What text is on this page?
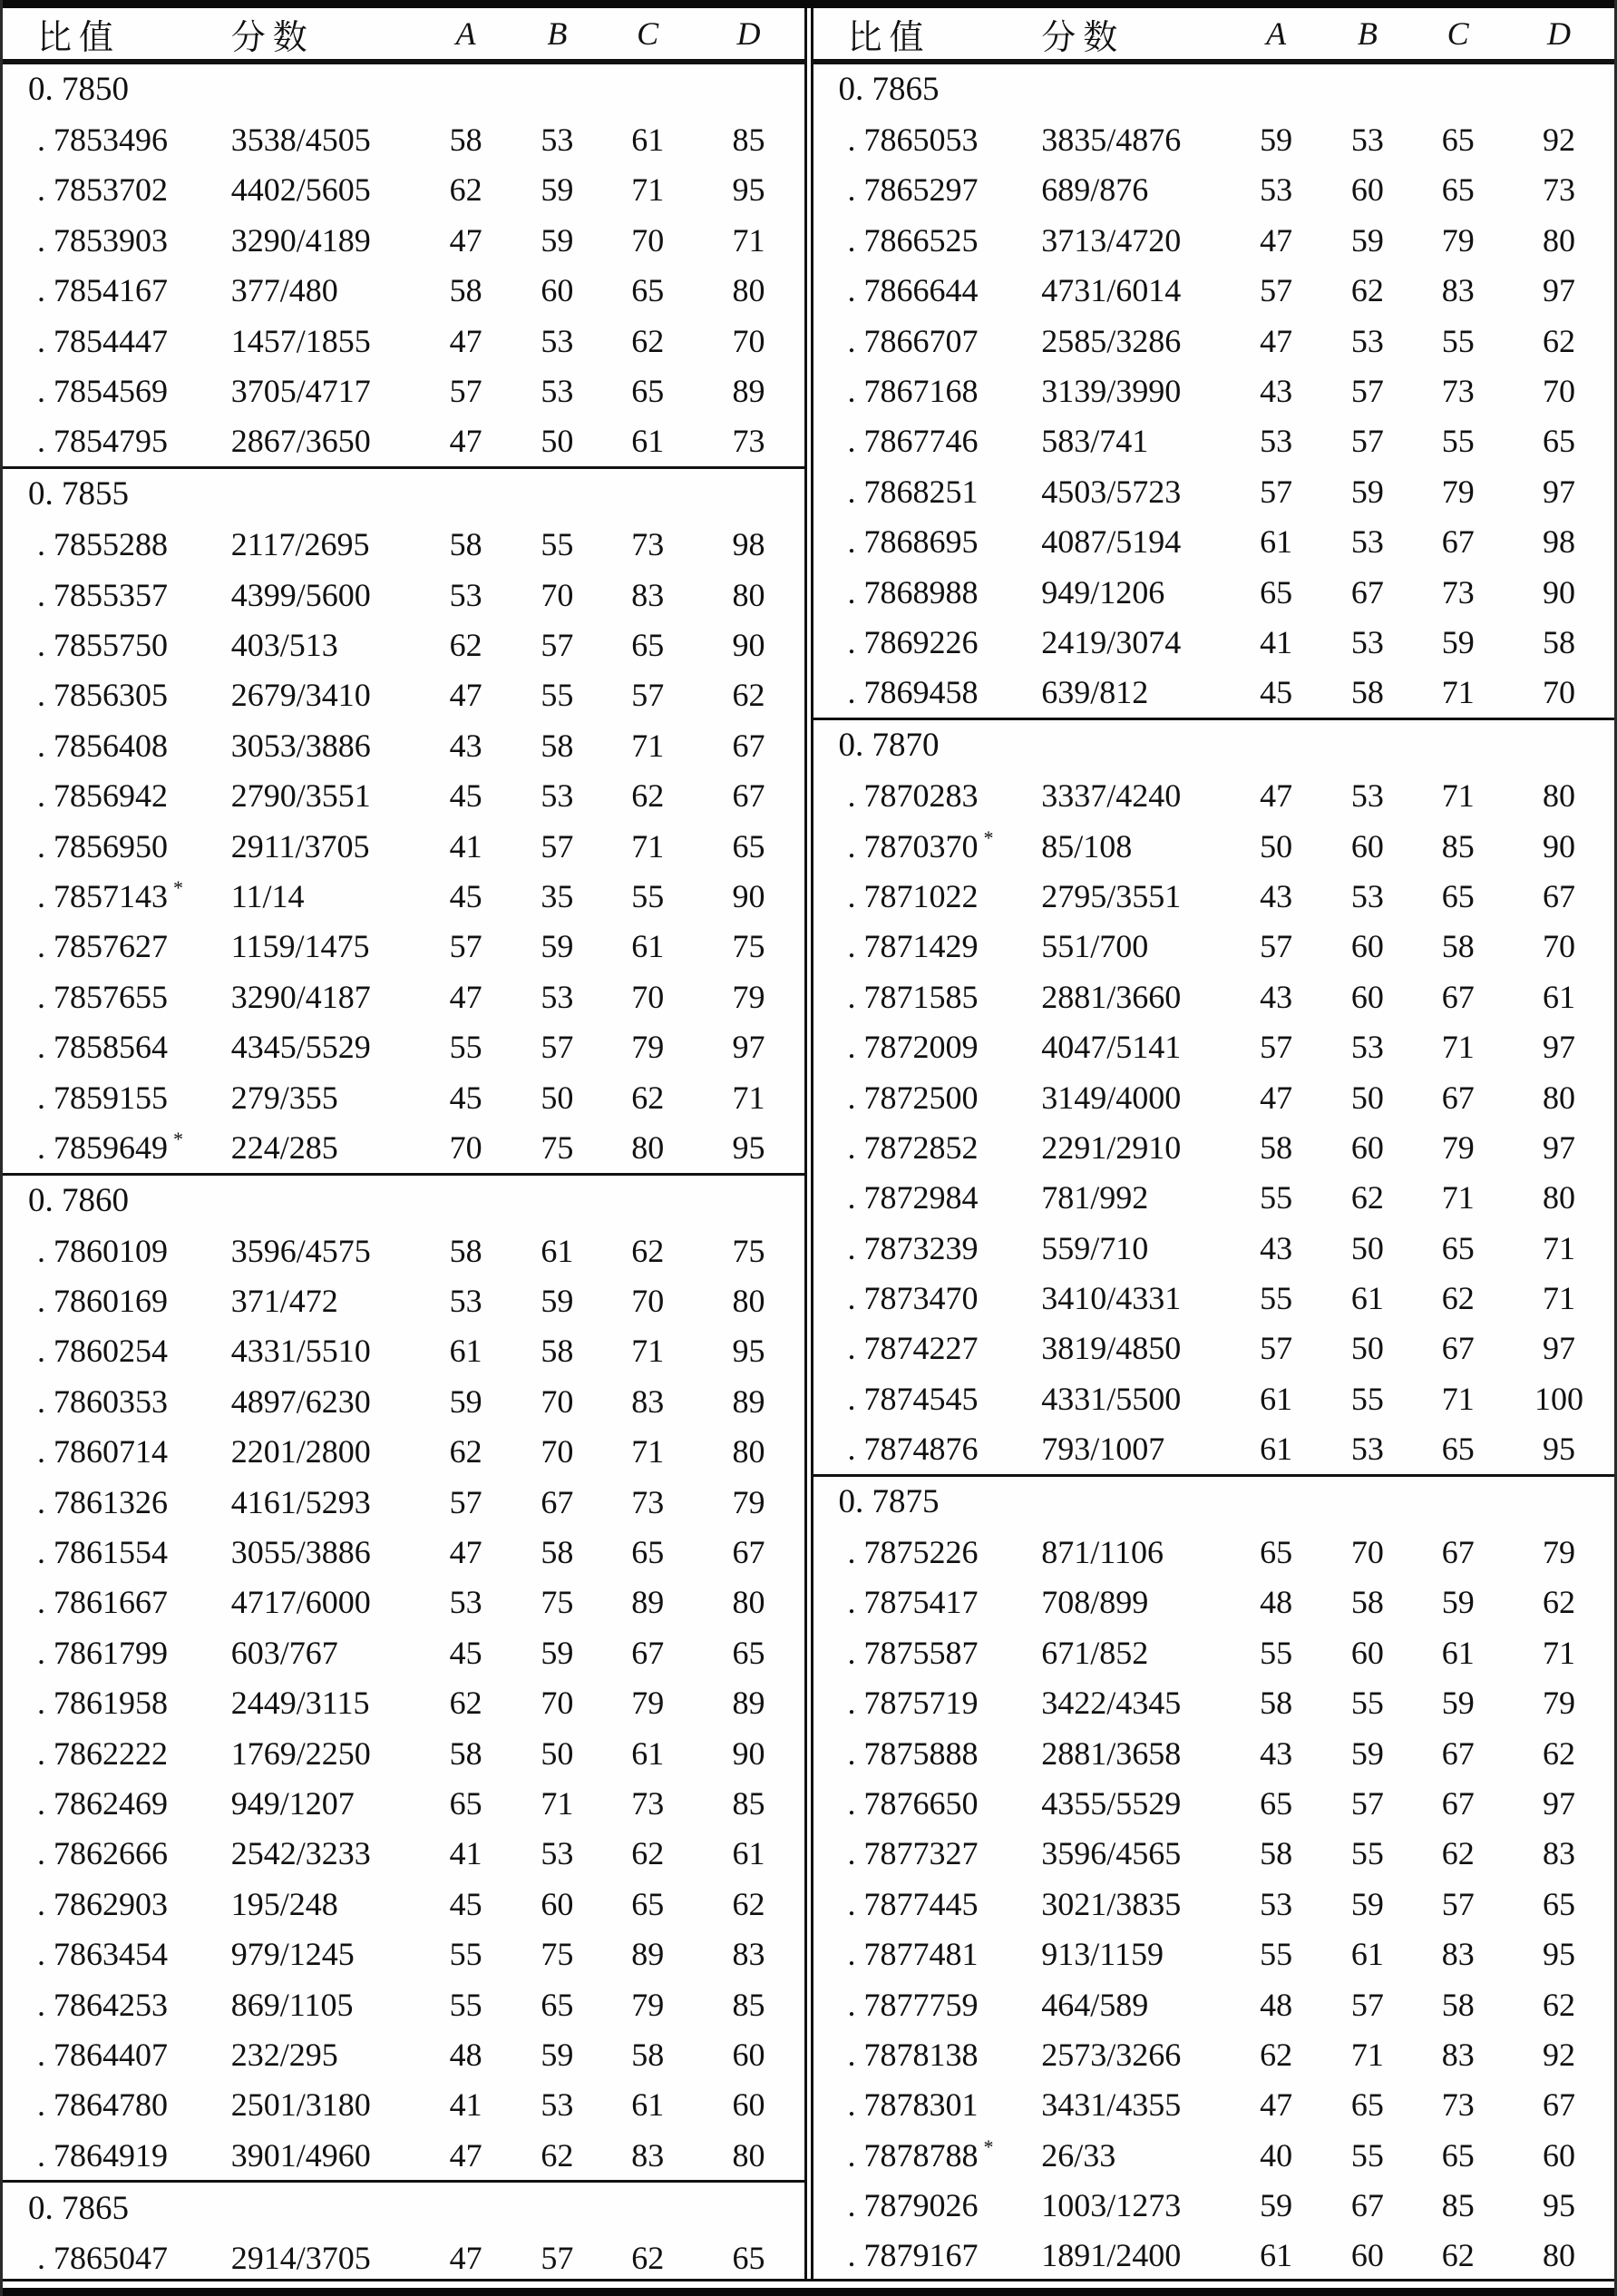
比值	分数	A	B	C	D
0. 7850
. 7853496	3538/4505	58	53	61	85
. 7853702	4402/5605	62	59	71	95
. 7853903	3290/4189	47	59	70	71
. 7854167	377/480	58	60	65	80
. 7854447	1457/1855	47	53	62	70
. 7854569	3705/4717	57	53	65	89
. 7854795	2867/3650	47	50	61	73
0. 7855
. 7855288	2117/2695	58	55	73	98
. 7855357	4399/5600	53	70	83	80
. 7855750	403/513	62	57	65	90
. 7856305	2679/3410	47	55	57	62
. 7856408	3053/3886	43	58	71	67
. 7856942	2790/3551	45	53	62	67
. 7856950	2911/3705	41	57	71	65
. 7857143 *	11/14	45	35	55	90
. 7857627	1159/1475	57	59	61	75
. 7857655	3290/4187	47	53	70	79
. 7858564	4345/5529	55	57	79	97
. 7859155	279/355	45	50	62	71
. 7859649 *	224/285	70	75	80	95
0. 7860
. 7860109	3596/4575	58	61	62	75
. 7860169	371/472	53	59	70	80
. 7860254	4331/5510	61	58	71	95
. 7860353	4897/6230	59	70	83	89
. 7860714	2201/2800	62	70	71	80
. 7861326	4161/5293	57	67	73	79
. 7861554	3055/3886	47	58	65	67
. 7861667	4717/6000	53	75	89	80
. 7861799	603/767	45	59	67	65
. 7861958	2449/3115	62	70	79	89
. 7862222	1769/2250	58	50	61	90
. 7862469	949/1207	65	71	73	85
. 7862666	2542/3233	41	53	62	61
. 7862903	195/248	45	60	65	62
. 7863454	979/1245	55	75	89	83
. 7864253	869/1105	55	65	79	85
. 7864407	232/295	48	59	58	60
. 7864780	2501/3180	41	53	61	60
. 7864919	3901/4960	47	62	83	80
0. 7865
. 7865047	2914/3705	47	57	62	65
比值	分数	A	B	C	D
0. 7865
. 7865053	3835/4876	59	53	65	92
. 7865297	689/876	53	60	65	73
. 7866525	3713/4720	47	59	79	80
. 7866644	4731/6014	57	62	83	97
. 7866707	2585/3286	47	53	55	62
. 7867168	3139/3990	43	57	73	70
. 7867746	583/741	53	57	55	65
. 7868251	4503/5723	57	59	79	97
. 7868695	4087/5194	61	53	67	98
. 7868988	949/1206	65	67	73	90
. 7869226	2419/3074	41	53	59	58
. 7869458	639/812	45	58	71	70
0. 7870
. 7870283	3337/4240	47	53	71	80
. 7870370 *	85/108	50	60	85	90
. 7871022	2795/3551	43	53	65	67
. 7871429	551/700	57	60	58	70
. 7871585	2881/3660	43	60	67	61
. 7872009	4047/5141	57	53	71	97
. 7872500	3149/4000	47	50	67	80
. 7872852	2291/2910	58	60	79	97
. 7872984	781/992	55	62	71	80
. 7873239	559/710	43	50	65	71
. 7873470	3410/4331	55	61	62	71
. 7874227	3819/4850	57	50	67	97
. 7874545	4331/5500	61	55	71	100
. 7874876	793/1007	61	53	65	95
0. 7875
. 7875226	871/1106	65	70	67	79
. 7875417	708/899	48	58	59	62
. 7875587	671/852	55	60	61	71
. 7875719	3422/4345	58	55	59	79
. 7875888	2881/3658	43	59	67	62
. 7876650	4355/5529	65	57	67	97
. 7877327	3596/4565	58	55	62	83
. 7877445	3021/3835	53	59	57	65
. 7877481	913/1159	55	61	83	95
. 7877759	464/589	48	57	58	62
. 7878138	2573/3266	62	71	83	92
. 7878301	3431/4355	47	65	73	67
. 7878788 *	26/33	40	55	65	60
. 7879026	1003/1273	59	67	85	95
. 7879167	1891/2400	61	60	62	80
